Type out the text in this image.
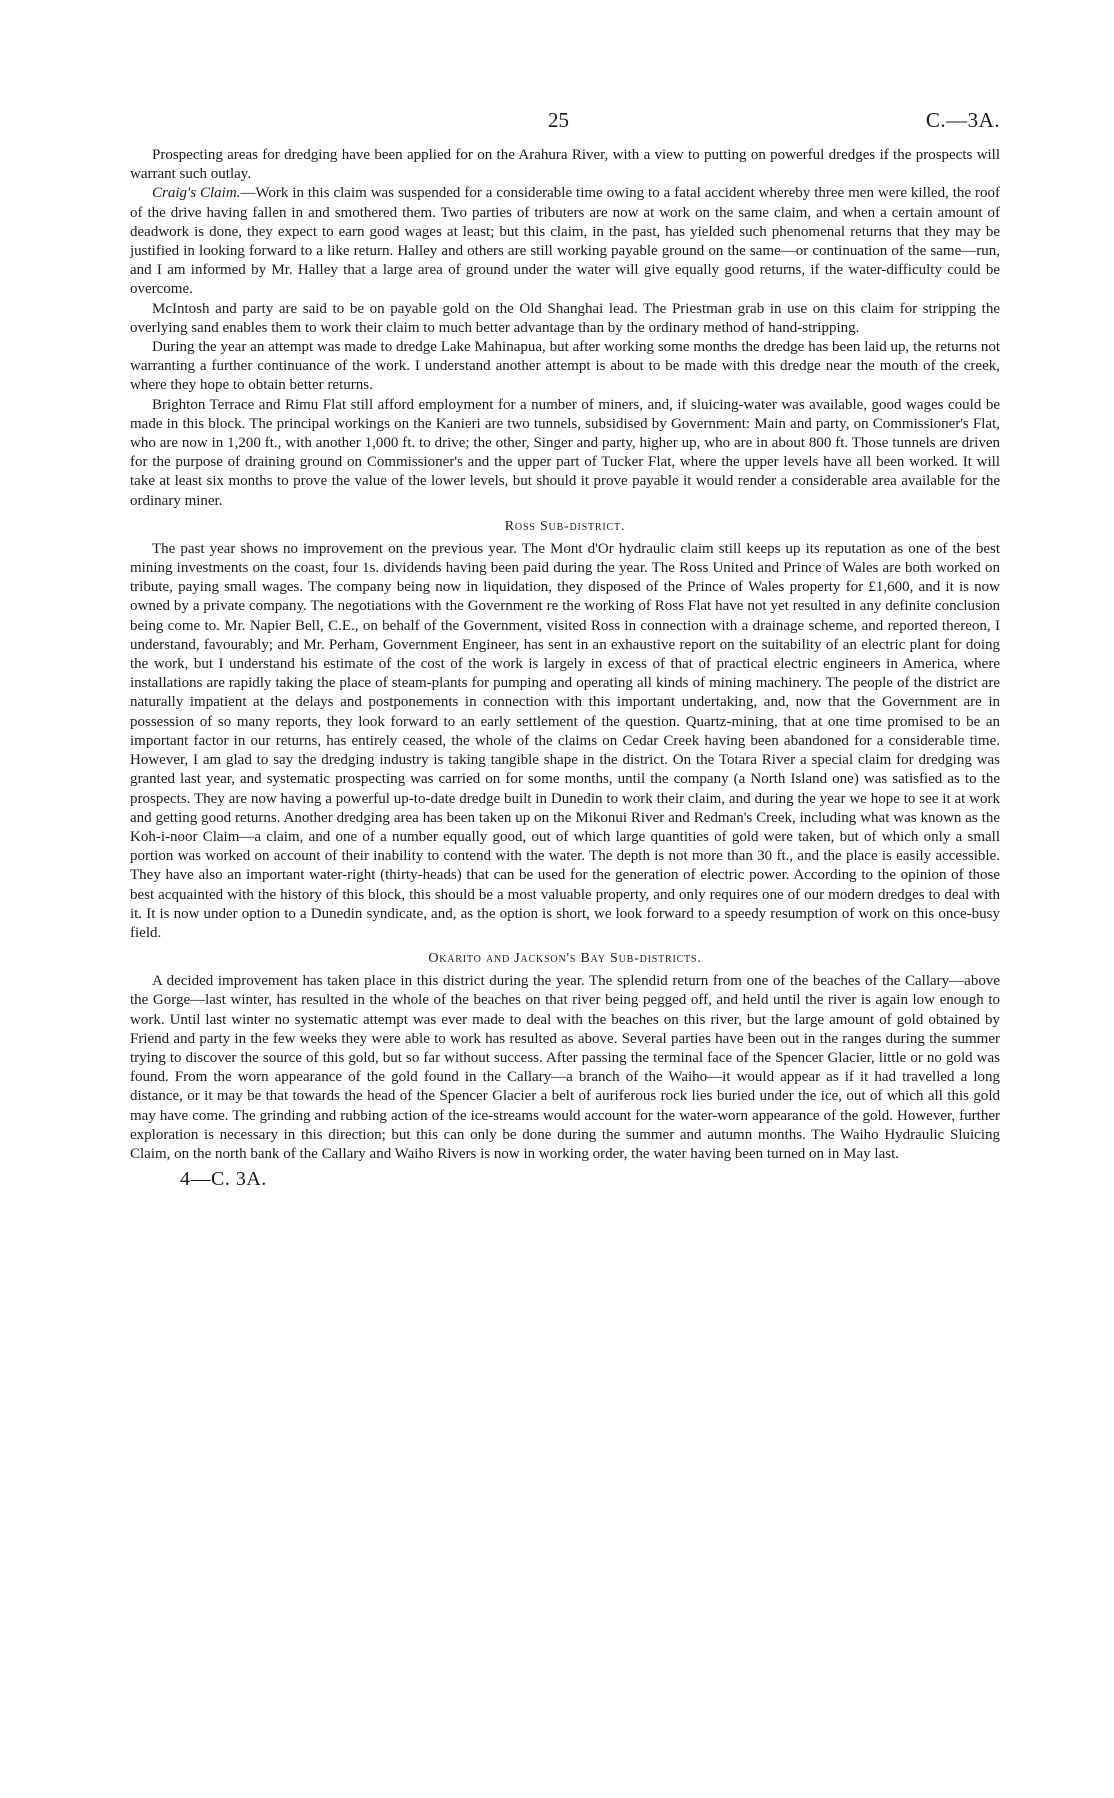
25	C.—3A.

Prospecting areas for dredging have been applied for on the Arahura River, with a view to putting on powerful dredges if the prospects will warrant such outlay.

Craig's Claim.—Work in this claim was suspended for a considerable time owing to a fatal accident whereby three men were killed, the roof of the drive having fallen in and smothered them. Two parties of tributers are now at work on the same claim, and when a certain amount of deadwork is done, they expect to earn good wages at least; but this claim, in the past, has yielded such phenomenal returns that they may be justified in looking forward to a like return. Halley and others are still working payable ground on the same—or continuation of the same—run, and I am informed by Mr. Halley that a large area of ground under the water will give equally good returns, if the water-difficulty could be overcome.

McIntosh and party are said to be on payable gold on the Old Shanghai lead. The Priestman grab in use on this claim for stripping the overlying sand enables them to work their claim to much better advantage than by the ordinary method of hand-stripping.

During the year an attempt was made to dredge Lake Mahinapua, but after working some months the dredge has been laid up, the returns not warranting a further continuance of the work. I understand another attempt is about to be made with this dredge near the mouth of the creek, where they hope to obtain better returns.

Brighton Terrace and Rimu Flat still afford employment for a number of miners, and, if sluicing-water was available, good wages could be made in this block. The principal workings on the Kanieri are two tunnels, subsidised by Government: Main and party, on Commissioner's Flat, who are now in 1,200 ft., with another 1,000 ft. to drive; the other, Singer and party, higher up, who are in about 800 ft. Those tunnels are driven for the purpose of draining ground on Commissioner's and the upper part of Tucker Flat, where the upper levels have all been worked. It will take at least six months to prove the value of the lower levels, but should it prove payable it would render a considerable area available for the ordinary miner.

Ross Sub-district.

The past year shows no improvement on the previous year. The Mont d'Or hydraulic claim still keeps up its reputation as one of the best mining investments on the coast, four 1s. dividends having been paid during the year. The Ross United and Prince of Wales are both worked on tribute, paying small wages. The company being now in liquidation, they disposed of the Prince of Wales property for £1,600, and it is now owned by a private company. The negotiations with the Government re the working of Ross Flat have not yet resulted in any definite conclusion being come to. Mr. Napier Bell, C.E., on behalf of the Government, visited Ross in connection with a drainage scheme, and reported thereon, I understand, favourably; and Mr. Perham, Government Engineer, has sent in an exhaustive report on the suitability of an electric plant for doing the work, but I understand his estimate of the cost of the work is largely in excess of that of practical electric engineers in America, where installations are rapidly taking the place of steam-plants for pumping and operating all kinds of mining machinery. The people of the district are naturally impatient at the delays and postponements in connection with this important undertaking, and, now that the Government are in possession of so many reports, they look forward to an early settlement of the question. Quartz-mining, that at one time promised to be an important factor in our returns, has entirely ceased, the whole of the claims on Cedar Creek having been abandoned for a considerable time. However, I am glad to say the dredging industry is taking tangible shape in the district. On the Totara River a special claim for dredging was granted last year, and systematic prospecting was carried on for some months, until the company (a North Island one) was satisfied as to the prospects. They are now having a powerful up-to-date dredge built in Dunedin to work their claim, and during the year we hope to see it at work and getting good returns. Another dredging area has been taken up on the Mikonui River and Redman's Creek, including what was known as the Koh-i-noor Claim—a claim, and one of a number equally good, out of which large quantities of gold were taken, but of which only a small portion was worked on account of their inability to contend with the water. The depth is not more than 30 ft., and the place is easily accessible. They have also an important water-right (thirty-heads) that can be used for the generation of electric power. According to the opinion of those best acquainted with the history of this block, this should be a most valuable property, and only requires one of our modern dredges to deal with it. It is now under option to a Dunedin syndicate, and, as the option is short, we look forward to a speedy resumption of work on this once-busy field.

Okarito and Jackson's Bay Sub-districts.

A decided improvement has taken place in this district during the year. The splendid return from one of the beaches of the Callary—above the Gorge—last winter, has resulted in the whole of the beaches on that river being pegged off, and held until the river is again low enough to work. Until last winter no systematic attempt was ever made to deal with the beaches on this river, but the large amount of gold obtained by Friend and party in the few weeks they were able to work has resulted as above. Several parties have been out in the ranges during the summer trying to discover the source of this gold, but so far without success. After passing the terminal face of the Spencer Glacier, little or no gold was found. From the worn appearance of the gold found in the Callary—a branch of the Waiho—it would appear as if it had travelled a long distance, or it may be that towards the head of the Spencer Glacier a belt of auriferous rock lies buried under the ice, out of which all this gold may have come. The grinding and rubbing action of the ice-streams would account for the water-worn appearance of the gold. However, further exploration is necessary in this direction; but this can only be done during the summer and autumn months. The Waiho Hydraulic Sluicing Claim, on the north bank of the Callary and Waiho Rivers is now in working order, the water having been turned on in May last.

4—C. 3A.
